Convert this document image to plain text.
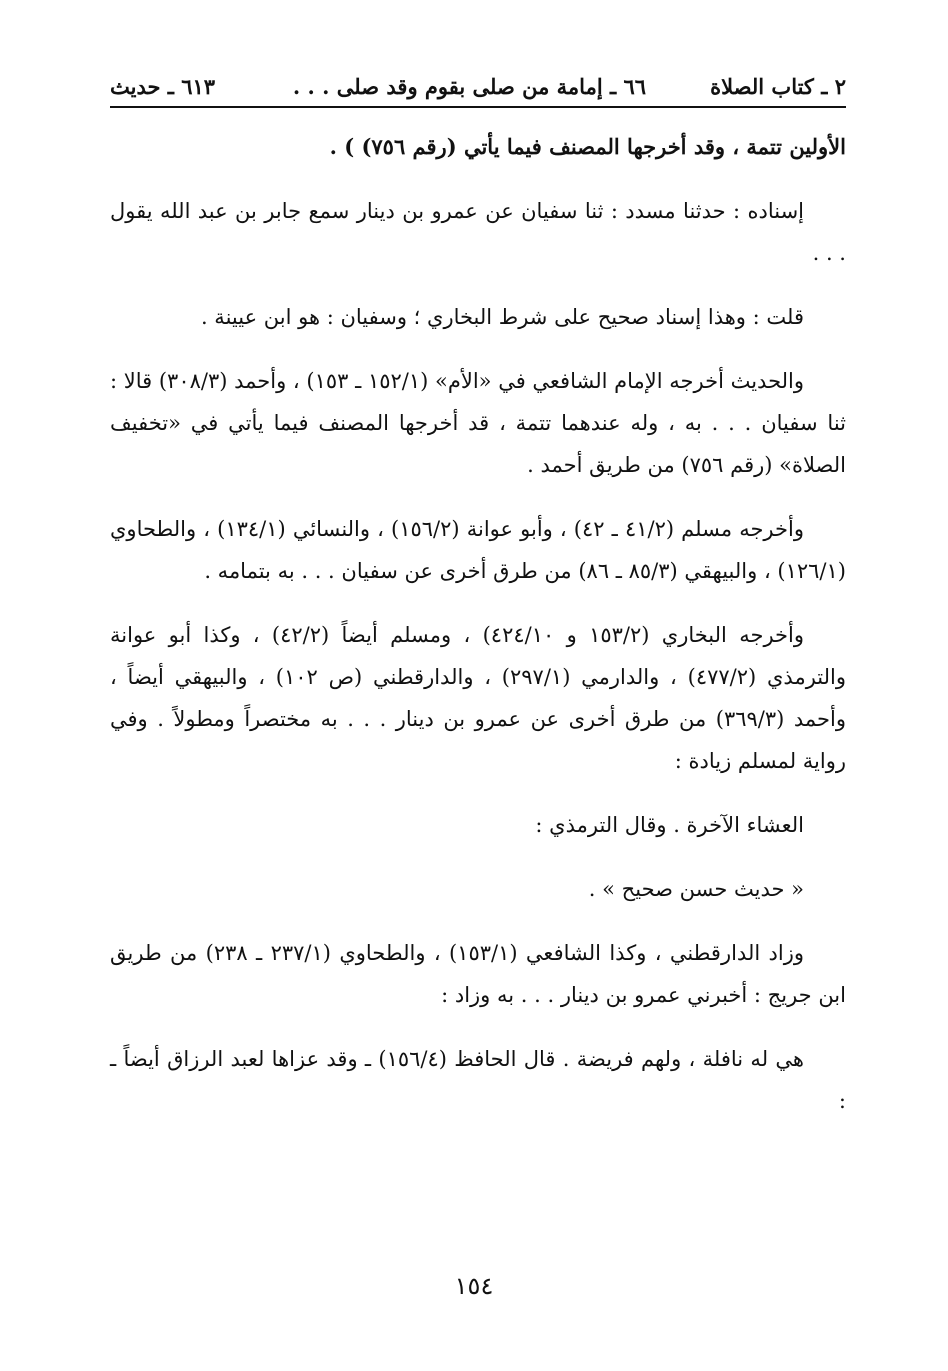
٢ ـ كتاب الصلاة
٦٦ ـ إمامة من صلى بقوم وقد صلى . . .
٦١٣ ـ حديث

الأولين تتمة ، وقد أخرجها المصنف فيما يأتي (رقم ٧٥٦) ) .

إسناده : حدثنا مسدد : ثنا سفيان عن عمرو بن دينار سمع جابر بن عبد الله يقول . . .

قلت : وهذا إسناد صحيح على شرط البخاري ؛ وسفيان : هو ابن عيينة .

والحديث أخرجه الإمام الشافعي في «الأم» (١٥٢/١ ـ ١٥٣) ، وأحمد (٣٠٨/٣) قالا : ثنا سفيان . . . به ، وله عندهما تتمة ، قد أخرجها المصنف فيما يأتي في «تخفيف الصلاة» (رقم ٧٥٦) من طريق أحمد .

وأخرجه مسلم (٤١/٢ ـ ٤٢) ، وأبو عوانة (١٥٦/٢) ، والنسائي (١٣٤/١) ، والطحاوي (١٢٦/١) ، والبيهقي (٨٥/٣ ـ ٨٦) من طرق أخرى عن سفيان . . . به بتمامه .

وأخرجه البخاري (١٥٣/٢ و ٤٢٤/١٠) ، ومسلم أيضاً (٤٢/٢) ، وكذا أبو عوانة والترمذي (٤٧٧/٢) ، والدارمي (٢٩٧/١) ، والدارقطني (ص ١٠٢) ، والبيهقي أيضاً ، وأحمد (٣٦٩/٣) من طرق أخرى عن عمرو بن دينار . . . به مختصراً ومطولاً . وفي رواية لمسلم زيادة :

العشاء الآخرة . وقال الترمذي :

« حديث حسن صحيح » .

وزاد الدارقطني ، وكذا الشافعي (١٥٣/١) ، والطحاوي (٢٣٧/١ ـ ٢٣٨) من طريق ابن جريج : أخبرني عمرو بن دينار . . . به وزاد :

هي له نافلة ، ولهم فريضة . قال الحافظ (١٥٦/٤) ـ وقد عزاها لعبد الرزاق أيضاً ـ :

١٥٤
